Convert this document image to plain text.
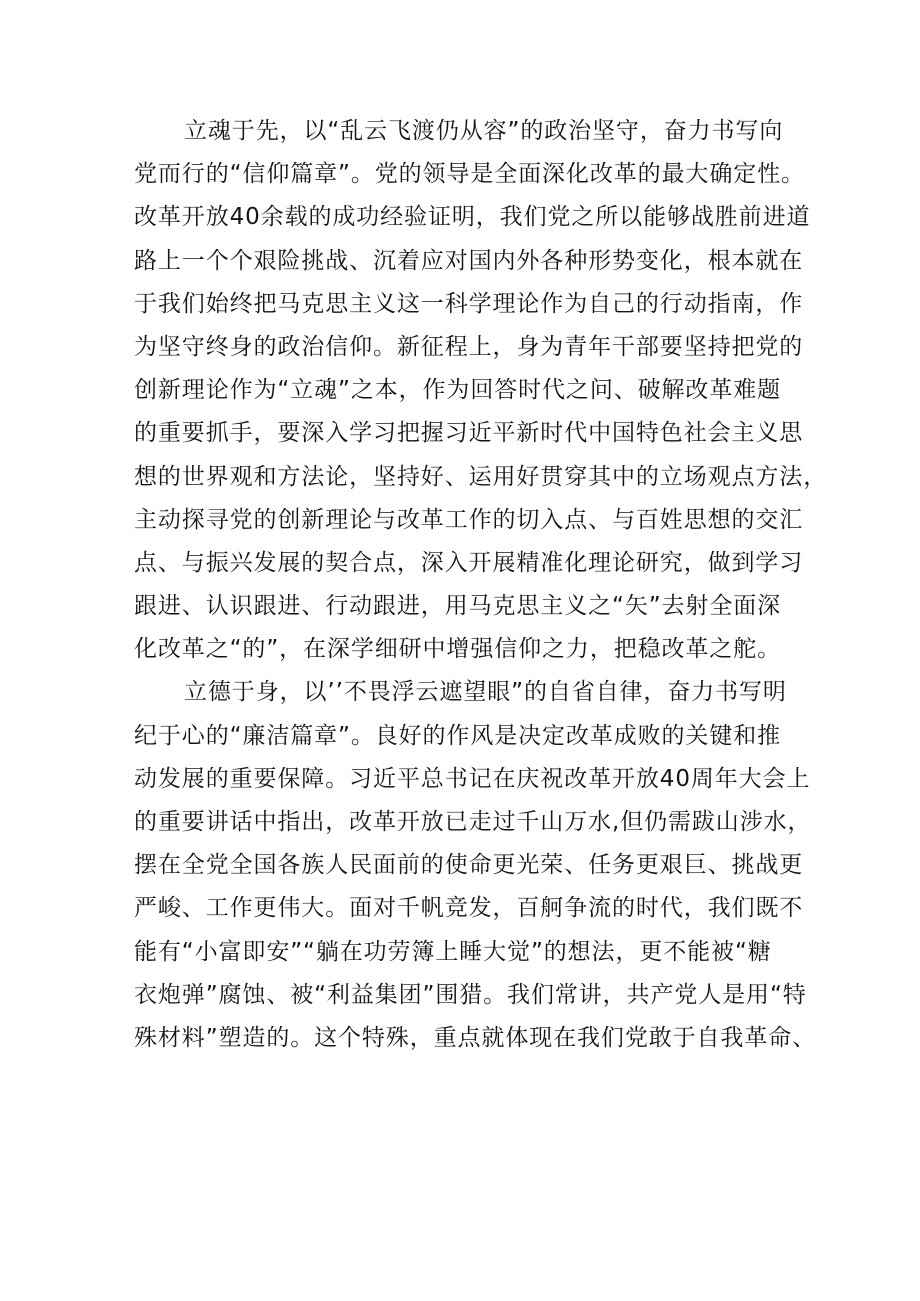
立魂于先，以“乱云飞渡仍从容”的政治坚守，奋力书写向
党而行的“信仰篇章”。党的领导是全面深化改革的最大确定性。
改革开放40余载的成功经验证明，我们党之所以能够战胜前进道
路上一个个艰险挑战、沉着应对国内外各种形势变化，根本就在
于我们始终把马克思主义这一科学理论作为自己的行动指南，作
为坚守终身的政治信仰。新征程上，身为青年干部要坚持把党的
创新理论作为“立魂”之本，作为回答时代之问、破解改革难题
的重要抓手，要深入学习把握习近平新时代中国特色社会主义思
想的世界观和方法论，坚持好、运用好贯穿其中的立场观点方法，
主动探寻党的创新理论与改革工作的切入点、与百姓思想的交汇
点、与振兴发展的契合点，深入开展精准化理论研究，做到学习
跟进、认识跟进、行动跟进，用马克思主义之“矢”去射全面深
化改革之“的”，在深学细研中增强信仰之力，把稳改革之舵。

立德于身，以’’不畏浮云遮望眼”的自省自律，奋力书写明
纪于心的“廉洁篇章”。良好的作风是决定改革成败的关键和推
动发展的重要保障。习近平总书记在庆祝改革开放40周年大会上
的重要讲话中指出，改革开放已走过千山万水,但仍需跋山涉水，
摆在全党全国各族人民面前的使命更光荣、任务更艰巨、挑战更
严峻、工作更伟大。面对千帆竞发，百舸争流的时代，我们既不
能有“小富即安”“躺在功劳簿上睡大觉”的想法，更不能被“糖
衣炮弹”腐蚀、被“利益集团”围猎。我们常讲，共产党人是用“特
殊材料”塑造的。这个特殊，重点就体现在我们党敢于自我革命、
